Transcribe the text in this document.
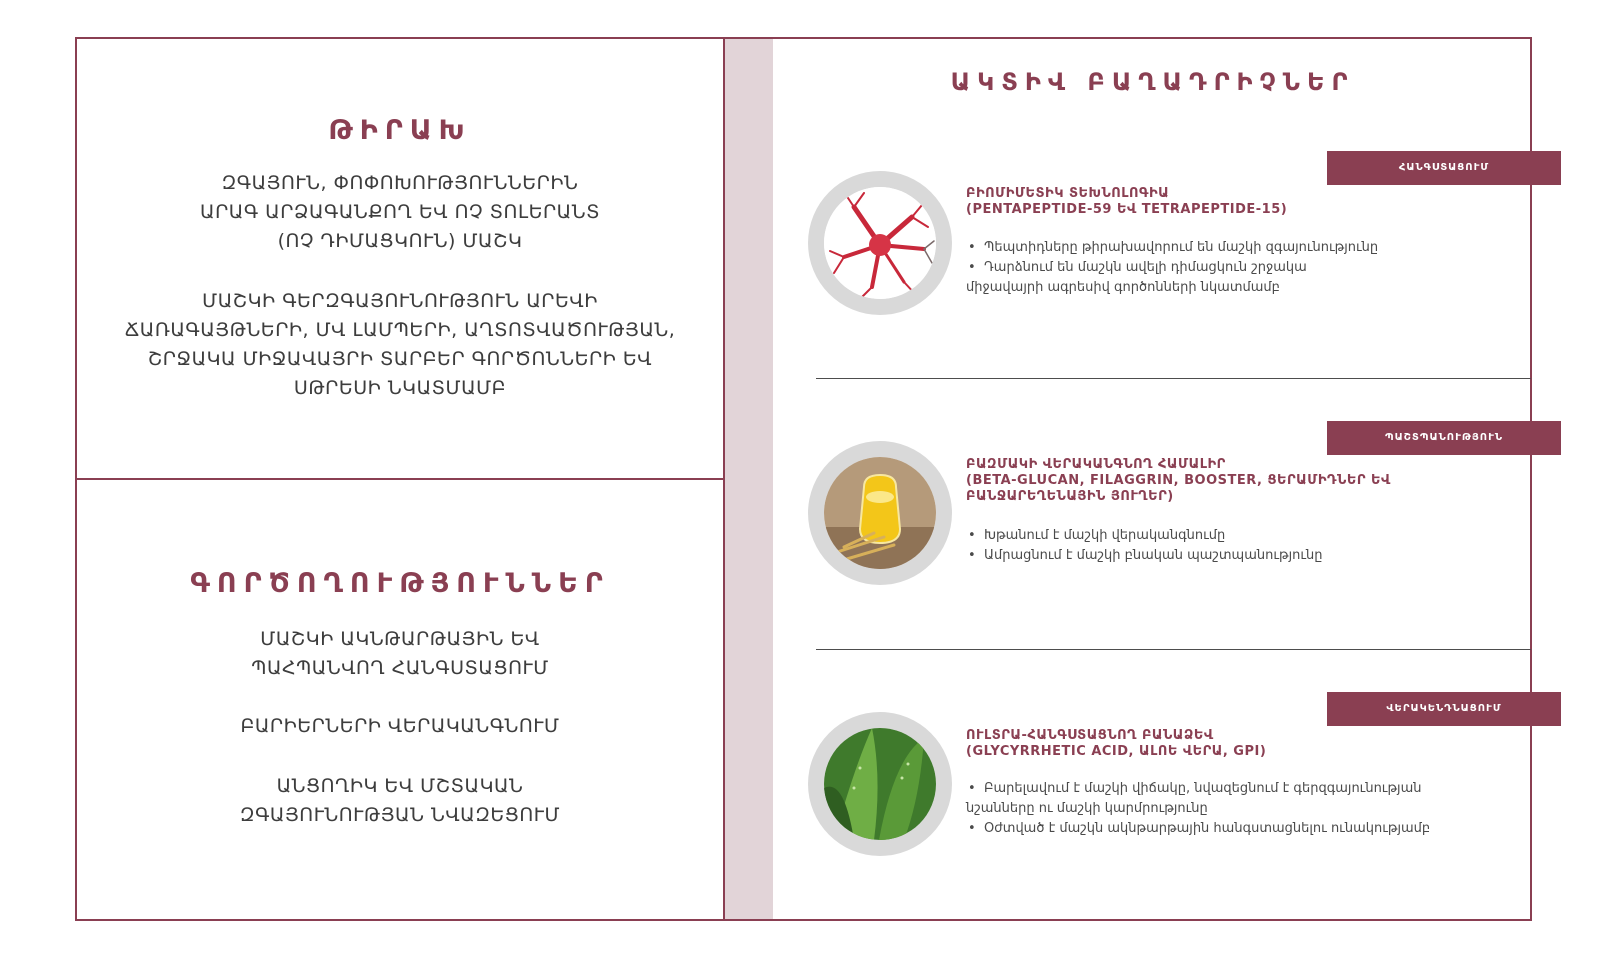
ԹԻՐԱԽ
ԶԳԱՅՈՒՆ, ՓՈՓՈԽՈՒԹՅՈՒՆՆԵՐԻՆ ԱՐԱԳ ԱՐՁԱԳԱՆՔՈՂ ԵՎ ՈՉ ՏՈԼԵՐԱՆՏ (ՈՉ ԴԻՄԱՑԿՈՒՆ) ՄԱՇԿ
ՄԱՇԿԻ ԳԵՐԶԳԱՅՈՒՆՈՒԹՅՈՒՆ ԱՐԵՎԻ ՃԱՌԱԳԱՅԹՆԵՐԻ, ՄՎ ԼԱՄՊԵՐԻ, ԱՂՏՈՏՎԱԾՈՒԹՅԱՆ, ՇՐՋԱԿԱ ՄԻՋԱՎԱՅՐԻ ՏԱՐԲԵՐ ԳՈՐԾՈՆՆԵՐԻ ԵՎ ՍԹՐԵՍԻ ՆԿԱՏՄԱՄԲ
ԳՈՐԾՈՂՈՒԹՅՈՒՆՆԵՐ
ՄԱՇԿԻ ԱԿՆԹԱՐԹԱՅԻՆ ԵՎ ՊԱՀՊԱՆՎՈՂ ՀԱՆԳՍՏԱՑՈՒՄ
ԲԱՐԻԵՐՆԵՐԻ ՎԵՐԱԿԱՆԳՆՈՒՄ
ԱՆՑՈՂԻԿ ԵՎ ՄՇՏԱԿԱՆ ԶԳԱՅՈՒՆՈՒԹՅԱՆ ՆՎԱԶԵՑՈՒՄ
ԱԿՏԻՎ ԲԱՂԱԴՐԻՉՆԵՐ
ՀԱՆԳՍՏԱՑՈՒՄ
ԲԻՈՄԻՄԵՏԻԿ ՏԵԽՆՈԼՈԳԻԱ
(PENTAPEPTIDE-59 ԵՎ TETRAPEPTIDE-15)
• Պեպտիդները թիրախավորում են մաշկի զգայունությունը
• Դարձնում են մաշկն ավելի դիմացկուն շրջակա
միջավայրի ագրեսիվ գործոնների նկատմամբ
ՊԱՇՏՊԱՆՈՒԹՅՈՒՆ
ԲԱԶՄԱԿԻ ՎԵՐԱԿԱՆԳՆՈՂ ՀԱՄԱԼԻՐ
(BETA-GLUCAN, FILAGGRIN, BOOSTER, ՑԵՐԱՄԻԴՆԵՐ ԵՎ
ԲԱՆՋԱՐԵՂԵՆԱՅԻՆ ՅՈՒՂԵՐ)
• Խթանում է մաշկի վերականգնումը
• Ամրացնում է մաշկի բնական պաշտպանությունը
ՎԵՐԱԿԵՆԴՆԱՑՈՒՄ
ՈՒԼՏՐԱ-ՀԱՆԳՍՏԱՑՆՈՂ ԲԱՆԱՁԵՎ
(GLYCYRRHETIC ACID, ԱԼՈԵ ՎԵՐԱ, GPI)
• Բարելավում է մաշկի վիճակը, նվազեցնում է գերզգայունության
նշանները ու մաշկի կարմրությունը
• Օժտված է մաշկն ակնթարթային հանգստացնելու ունակությամբ
